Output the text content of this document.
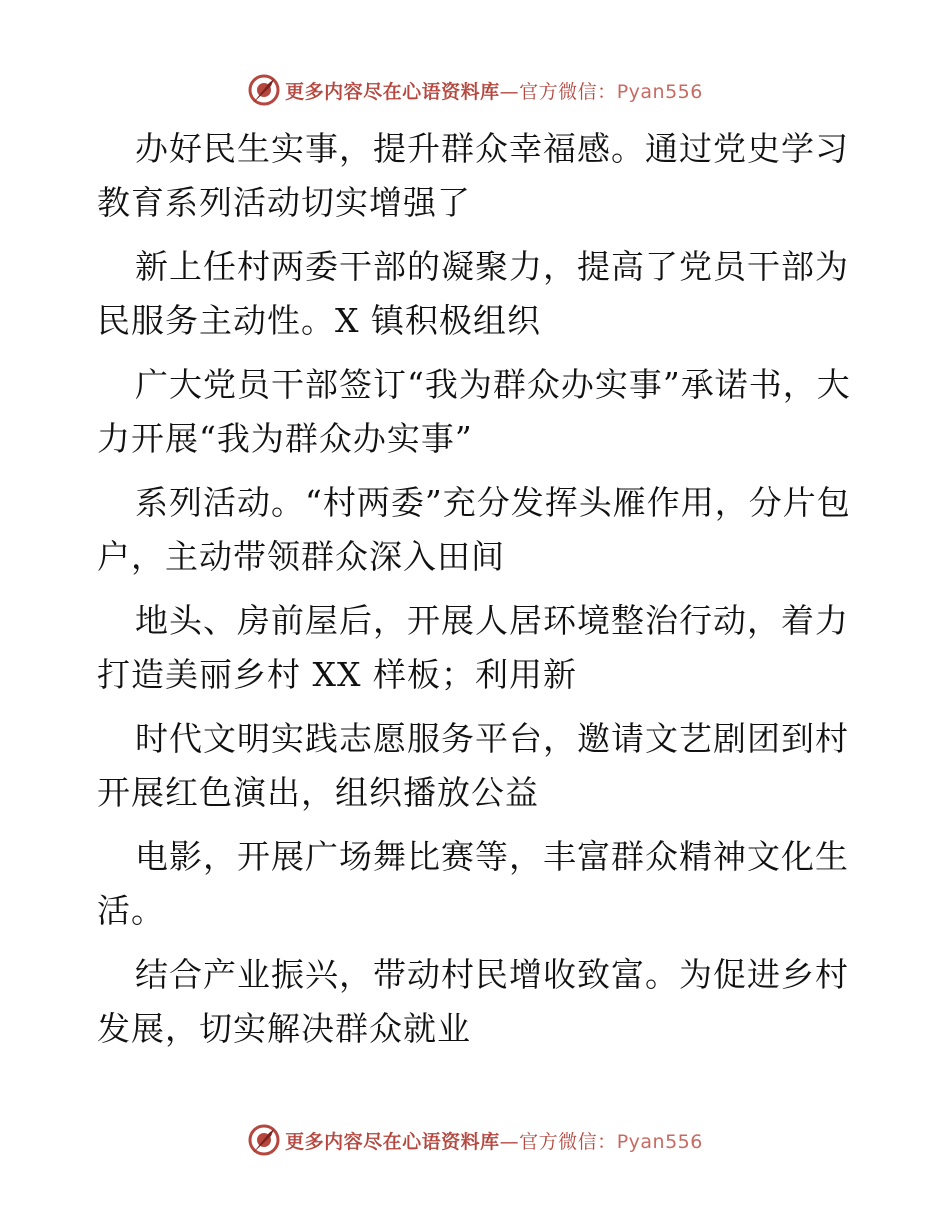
更多内容尽在心语资料库—官方微信：Pyan556

办好民生实事，提升群众幸福感。通过党史学习教育系列活动切实增强了

新上任村两委干部的凝聚力，提高了党员干部为民服务主动性。X 镇积极组织

广大党员干部签订“我为群众办实事”承诺书，大力开展“我为群众办实事”

系列活动。“村两委”充分发挥头雁作用，分片包户，主动带领群众深入田间

地头、房前屋后，开展人居环境整治行动，着力打造美丽乡村 XX 样板；利用新

时代文明实践志愿服务平台，邀请文艺剧团到村开展红色演出，组织播放公益

电影，开展广场舞比赛等，丰富群众精神文化生活。

结合产业振兴，带动村民增收致富。为促进乡村发展，切实解决群众就业

更多内容尽在心语资料库—官方微信：Pyan556
